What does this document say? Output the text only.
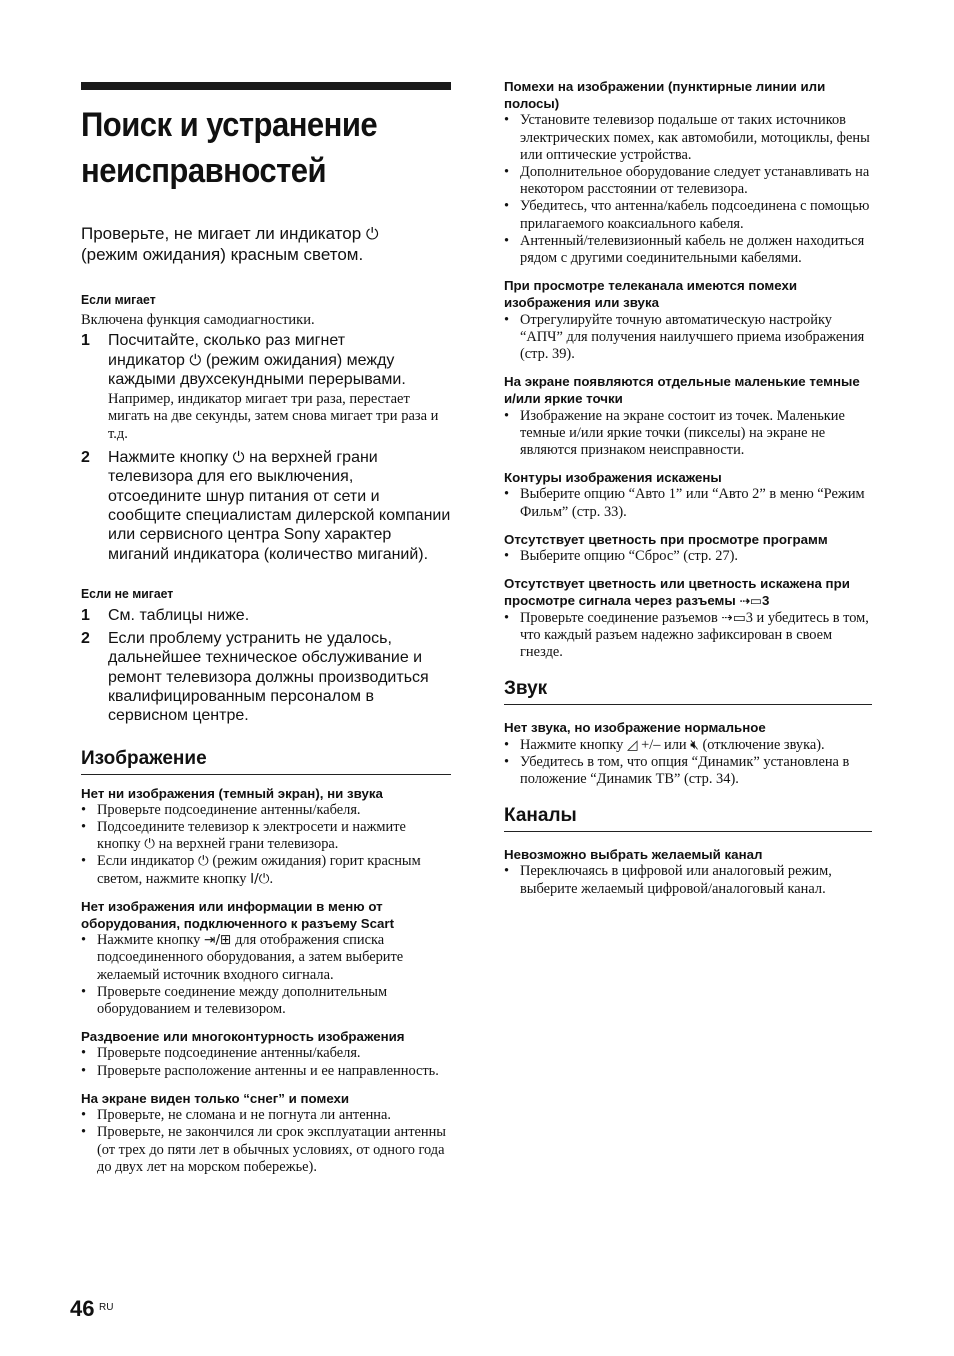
Поиск и устранение
неисправностей
Проверьте, не мигает ли индикатор ⏻
(режим ожидания) красным светом.
Если мигает
Включена функция самодиагностики.
1	Посчитайте, сколько раз мигнет
индикатор ⏻ (режим ожидания) между
каждыми двухсекундными перерывами.
Например, индикатор мигает три раза, перестает мигать на две секунды, затем снова мигает три раза и т.д.
2	Нажмите кнопку ⏻ на верхней грани телевизора для его выключения, отсоедините шнур питания от сети и сообщите специалистам дилерской компании или сервисного центра Sony характер миганий индикатора (количество миганий).
Если не мигает
1	См. таблицы ниже.
2	Если проблему устранить не удалось, дальнейшее техническое обслуживание и ремонт телевизора должны производиться квалифицированным персоналом в сервисном центре.
Изображение
Нет ни изображения (темный экран), ни звука
• Проверьте подсоединение антенны/кабеля.
• Подсоедините телевизор к электросети и нажмите кнопку ⏻ на верхней грани телевизора.
• Если индикатор ⏻ (режим ожидания) горит красным светом, нажмите кнопку I/⏻.
Нет изображения или информации в меню от оборудования, подключенного к разъему Scart
• Нажмите кнопку ⇥/⊞ для отображения списка подсоединенного оборудования, а затем выберите желаемый источник входного сигнала.
• Проверьте соединение между дополнительным оборудованием и телевизором.
Раздвоение или многоконтурность изображения
• Проверьте подсоединение антенны/кабеля.
• Проверьте расположение антенны и ее направленность.
На экране виден только “снег” и помехи
• Проверьте, не сломана и не погнута ли антенна.
• Проверьте, не закончился ли срок эксплуатации антенны (от трех до пяти лет в обычных условиях, от одного года до двух лет на морском побережье).
Помехи на изображении (пунктирные линии или полосы)
• Установите телевизор подальше от таких источников электрических помех, как автомобили, мотоциклы, фены или оптические устройства.
• Дополнительное оборудование следует устанавливать на некотором расстоянии от телевизора.
• Убедитесь, что антенна/кабель подсоединена с помощью прилагаемого коаксиального кабеля.
• Антенный/телевизионный кабель не должен находиться рядом с другими соединительными кабелями.
При просмотре телеканала имеются помехи изображения или звука
• Отрегулируйте точную автоматическую настройку “АПЧ” для получения наилучшего приема изображения (стр. 39).
На экране появляются отдельные маленькие темные и/или яркие точки
• Изображение на экране состоит из точек. Маленькие темные и/или яркие точки (пикселы) на экране не являются признаком неисправности.
Контуры изображения искажены
• Выберите опцию “Авто 1” или “Авто 2” в меню “Режим Фильм” (стр. 33).
Отсутствует цветность при просмотре программ
• Выберите опцию “Сброс” (стр. 27).
Отсутствует цветность или цветность искажена при просмотре сигнала через разъемы ⇢▭3
• Проверьте соединение разъемов ⇢▭3 и убедитесь в том, что каждый разъем надежно зафиксирован в своем гнезде.
Звук
Нет звука, но изображение нормальное
• Нажмите кнопку ◿ +/– или 🔇︎ (отключение звука).
• Убедитесь в том, что опция “Динамик” установлена в положение “Динамик ТВ” (стр. 34).
Каналы
Невозможно выбрать желаемый канал
• Переключаясь в цифровой или аналоговый режим, выберите желаемый цифровой/аналоговый канал.
46 RU
